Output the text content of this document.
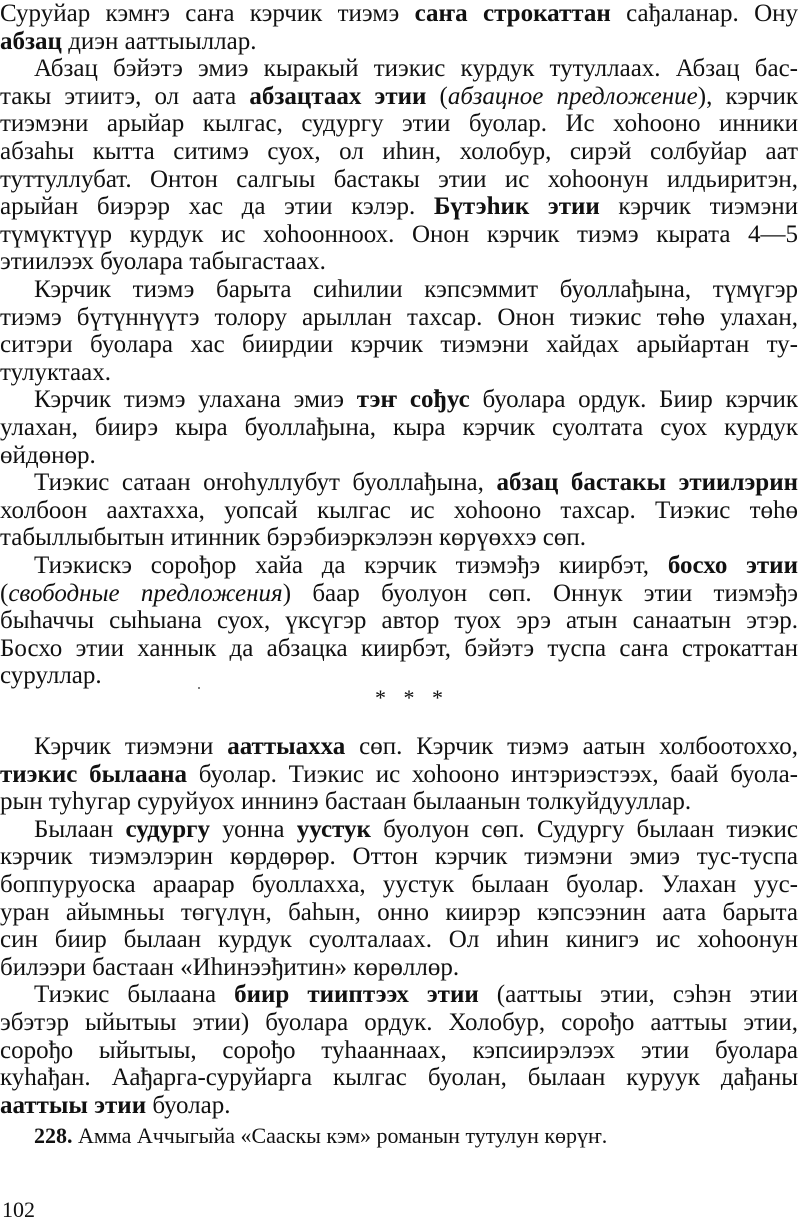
Суруйар кэмҥэ саҥа кэрчик тиэмэ саҥа строкаттан сађаланар. Ону
абзац диэн ааттыыллар.
Абзац бэйэтэ эмиэ кыракый тиэкис курдук тутуллаах. Абзац бас-
такы этиитэ, ол аата абзацтаах этии (абзацное предложение), кэрчик
тиэмэни арыйар кылгас, судургу этии буолар. Ис хоһооно инники
абзаһы кытта ситимэ суох, ол иһин, холобур, сирэй солбуйар аат
туттуллубат. Онтон салгыы бастакы этии ис хоһоонун илдьиритэн,
арыйан биэрэр хас да этии кэлэр. Бүтэһик этии кэрчик тиэмэни
түмүктүүр курдук ис хоһоонноох. Онон кэрчик тиэмэ кырата 4—5
этиилээх буолара табыгастаах.
Кэрчик тиэмэ барыта сиһилии кэпсэммит буоллађына, түмүгэр
тиэмэ бүтүннүүтэ толору арыллан тахсар. Онон тиэкис төһө улахан,
ситэри буолара хас биирдии кэрчик тиэмэни хайдах арыйартан ту-
тулуктаах.
Кэрчик тиэмэ улахана эмиэ тэҥ сођус буолара ордук. Биир кэрчик
улахан, биирэ кыра буоллађына, кыра кэрчик суолтата суох курдук
өйдөнөр.
Тиэкис сатаан оҥоһуллубут буоллађына, абзац бастакы этиилэрин
холбоон аахтахха, уопсай кылгас ис хоһооно тахсар. Тиэкис төһө
табыллыбытын итинник бэрэбиэркэлээн көрүөххэ сөп.
Тиэкискэ сорођор хайа да кэрчик тиэмэђэ киирбэт, босхо этии
(свободные предложения) баар буолуон сөп. Оннук этии тиэмэђэ
быһаччы сыһыана суох, үксүгэр автор туох эрэ атын санаатын этэр.
Босхо этии ханнык да абзацка киирбэт, бэйэтэ туспа саҥа строкаттан
суруллар.
* * *
Кэрчик тиэмэни ааттыахха сөп. Кэрчик тиэмэ аатын холбоотоххо,
тиэкис былаана буолар. Тиэкис ис хоһооно интэриэстээх, баай буола-
рын туһугар суруйуох иннинэ бастаан былаанын толкуйдууллар.
Былаан судургу уонна уустук буолуон сөп. Судургу былаан тиэкис
кэрчик тиэмэлэрин көрдөрөр. Оттон кэрчик тиэмэни эмиэ тус-туспа
боппуруоска араарар буоллахха, уустук былаан буолар. Улахан уус-
уран айымньы төгүлүн, баһын, онно киирэр кэпсээнин аата барыта
син биир былаан курдук суолталаах. Ол иһин кинигэ ис хоһоонун
билээри бастаан «Иһинээђитин» көрөллөр.
Тиэкис былаана биир тииптээх этии (ааттыы этии, сэһэн этии
эбэтэр ыйытыы этии) буолара ордук. Холобур, сорођо ааттыы этии,
сорођо ыйытыы, сорођо туһааннаах, кэпсиирэлээх этии буолара
куһађан. Аађарга-суруйарга кылгас буолан, былаан куруук дађаны
ааттыы этии буолар.
228. Амма Аччыгыйа «Сааскы кэм» романын тутулун көрүҥ.
102
